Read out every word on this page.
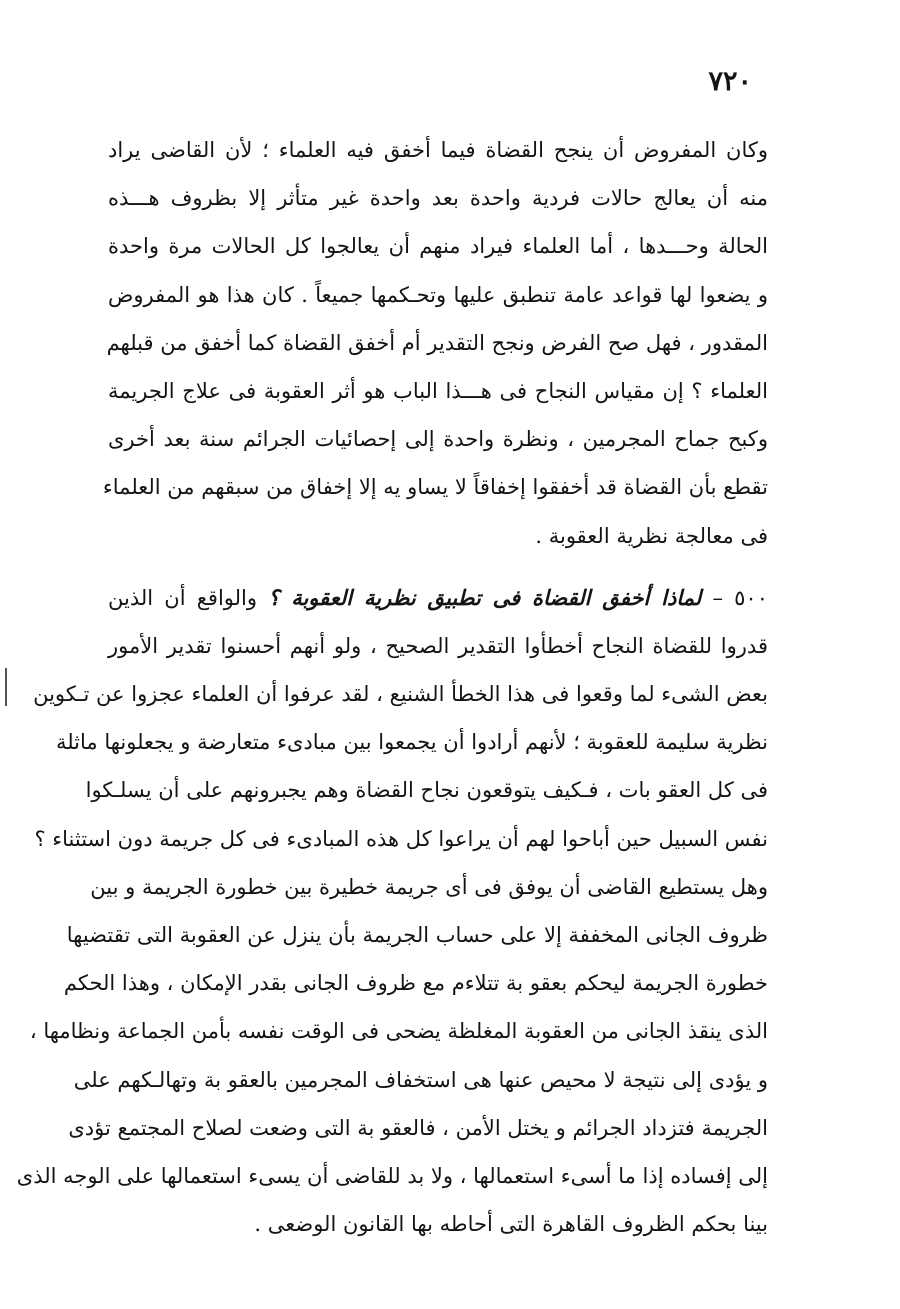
٧٢٠
وكان المفروض أن ينجح القضاة فيما أخفق فيه العلماء ؛ لأن القاضى يراد
منه أن يعالج حالات فردية واحدة بعد واحدة غير متأثر إلا بظروف هـــذه
الحالة وحـــدها ، أما العلماء فيراد منهم أن يعالجوا كل الحالات مرة واحدة
و يضعوا لها قواعد عامة تنطبق عليها وتحـكمها جميعاً . كان هذا هو المفروض
المقدور ، فهل صح الفرض ونجح التقدير أم أخفق القضاة كما أخفق من قبلهم
العلماء ؟ إن مقياس النجاح فى هـــذا الباب هو أثر العقوبة فى علاج الجريمة
وكبح جماح المجرمين ، ونظرة واحدة إلى إحصائيات الجرائم سنة بعد أخرى
تقطع بأن القضاة قد أخفقوا إخفاقاً لا يساو يه إلا إخفاق من سبقهم من العلماء
فى معالجة نظرية العقوبة .
٥٠٠ – لماذا أخفق القضاة فى تطبيق نظرية العقوبة ؟ والواقع أن الذين
قدروا للقضاة النجاح أخطأوا التقدير الصحيح ، ولو أنهم أحسنوا تقدير الأمور
بعض الشىء لما وقعوا فى هذا الخطأ الشنيع ، لقد عرفوا أن العلماء عجزوا عن تـكوين
نظرية سليمة للعقوبة ؛ لأنهم أرادوا أن يجمعوا بين مبادىء متعارضة و يجعلونها ماثلة
فى كل العقو بات ، فـكيف يتوقعون نجاح القضاة وهم يجبرونهم على أن يسلـكوا
نفس السبيل حين أباحوا لهم أن يراعوا كل هذه المبادىء فى كل جريمة دون استثناء ؟
وهل يستطيع القاضى أن يوفق فى أى جريمة خطيرة بين خطورة الجريمة و بين
ظروف الجانى المخففة إلا على حساب الجريمة بأن ينزل عن العقوبة التى تقتضيها
خطورة الجريمة ليحكم بعقو بة تتلاءم مع ظروف الجانى بقدر الإمكان ، وهذا الحكم
الذى ينقذ الجانى من العقوبة المغلظة يضحى فى الوقت نفسه بأمن الجماعة ونظامها ،
و يؤدى إلى نتيجة لا محيص عنها هى استخفاف المجرمين بالعقو بة وتهالـكهم على
الجريمة فتزداد الجرائم و يختل الأمن ، فالعقو بة التى وضعت لصلاح المجتمع تؤدى
إلى إفساده إذا ما أسىء استعمالها ، ولا بد للقاضى أن يسىء استعمالها على الوجه الذى
بينا بحكم الظروف القاهرة التى أحاطه بها القانون الوضعى .
